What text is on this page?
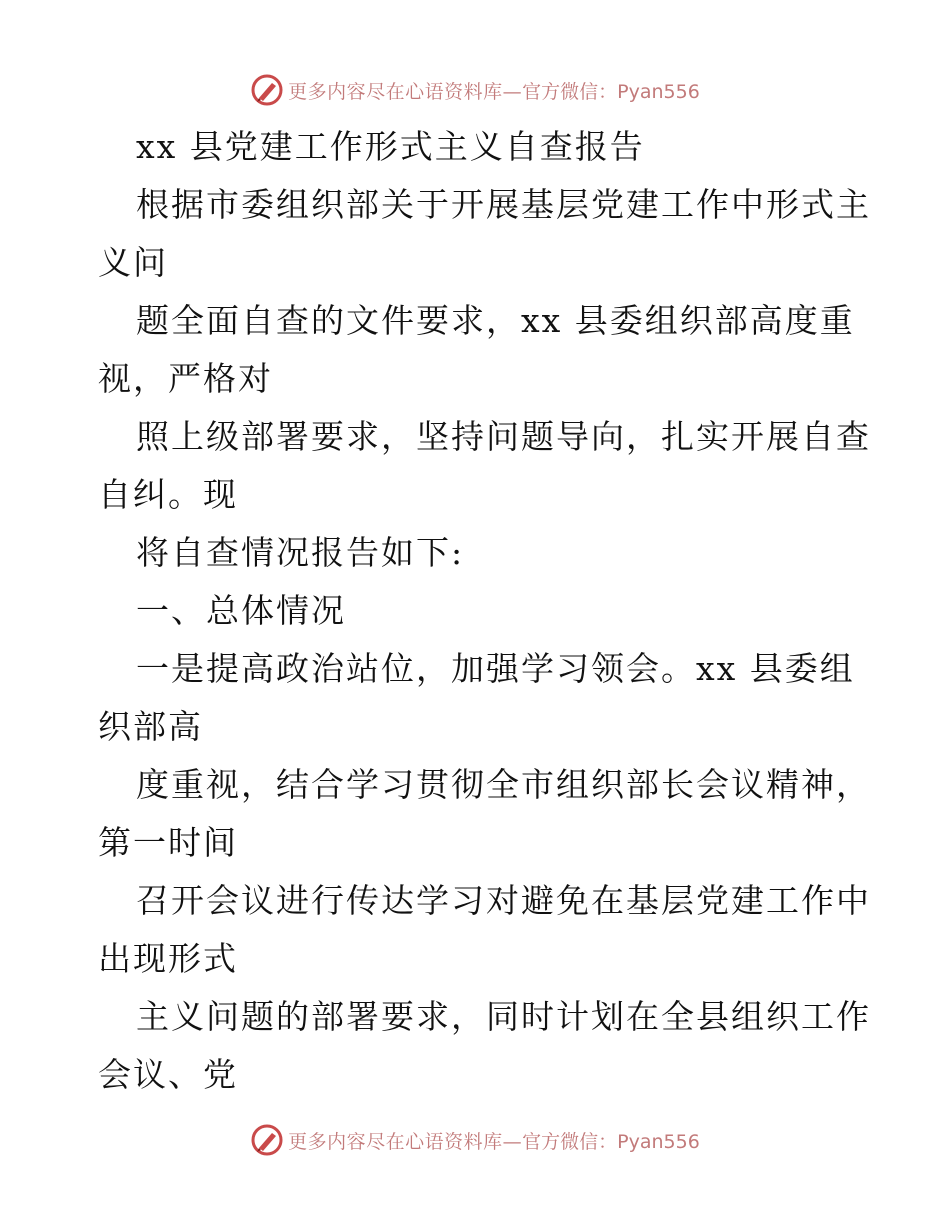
更多内容尽在心语资料库— 官方微信：Pyan556
xx 县党建工作形式主义自查报告
根据市委组织部关于开展基层党建工作中形式主
义问
题全面自查的文件要求，xx 县委组织部高度重
视，严格对
照上级部署要求，坚持问题导向，扎实开展自查
自纠。现
将自查情况报告如下:
一、总体情况
一是提高政治站位，加强学习领会。xx 县委组
织部高
度重视，结合学习贯彻全市组织部长会议精神，
第一时间
召开会议进行传达学习对避免在基层党建工作中
出现形式
主义问题的部署要求，同时计划在全县组织工作
会议、党
更多内容尽在心语资料库— 官方微信：Pyan556
